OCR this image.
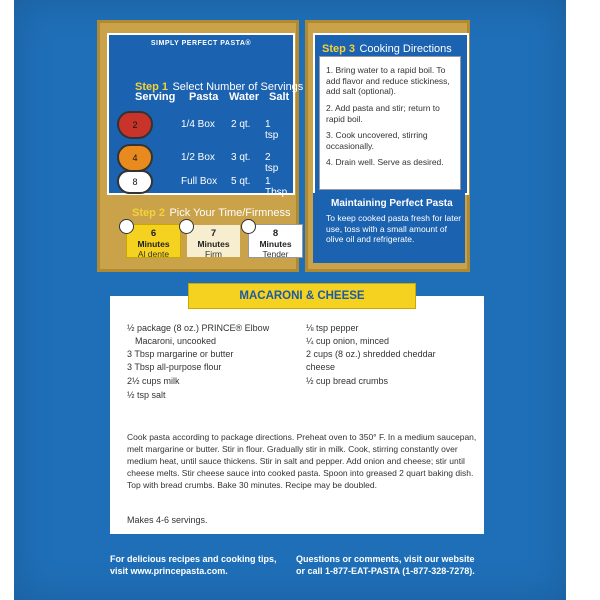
SIMPLY PERFECT PASTA®
Step 1 Select Number of Servings
Serving Pasta Water Salt
2	1/4 Box 2 qt. 1 tsp
4	1/2 Box 3 qt. 2 tsp
8	Full Box 5 qt. 1 Tbsp
Step 2 Pick Your Time/Firmness
6
Minutes
Al dente
7
Minutes
Firm
8
Minutes
Tender
Step 3 Cooking Directions
1. Bring water to a rapid boil. To add flavor and reduce stickiness, add salt (optional).
2. Add pasta and stir; return to rapid boil.
3. Cook uncovered, stirring occasionally.
4. Drain well. Serve as desired.
Maintaining Perfect Pasta
To keep cooked pasta fresh for later use, toss with a small amount of olive oil and refrigerate.
MACARONI & CHEESE
½ package (8 oz.) PRINCE® Elbow
Macaroni, uncooked
3 Tbsp margarine or butter
3 Tbsp all-purpose flour
2½ cups milk
½ tsp salt
⅛ tsp pepper
¼ cup onion, minced
2 cups (8 oz.) shredded cheddar
cheese
½ cup bread crumbs
Cook pasta according to package directions. Preheat oven to 350° F. In a medium saucepan, melt margarine or butter. Stir in flour. Gradually stir in milk. Cook, stirring constantly over medium heat, until sauce thickens. Stir in salt and pepper. Add onion and cheese; stir until cheese melts. Stir cheese sauce into cooked pasta. Spoon into greased 2 quart baking dish. Top with bread crumbs. Bake 30 minutes. Recipe may be doubled.
Makes 4-6 servings.
For delicious recipes and cooking tips,
visit www.princepasta.com.
Questions or comments, visit our website
or call 1-877-EAT-PASTA (1-877-328-7278).
